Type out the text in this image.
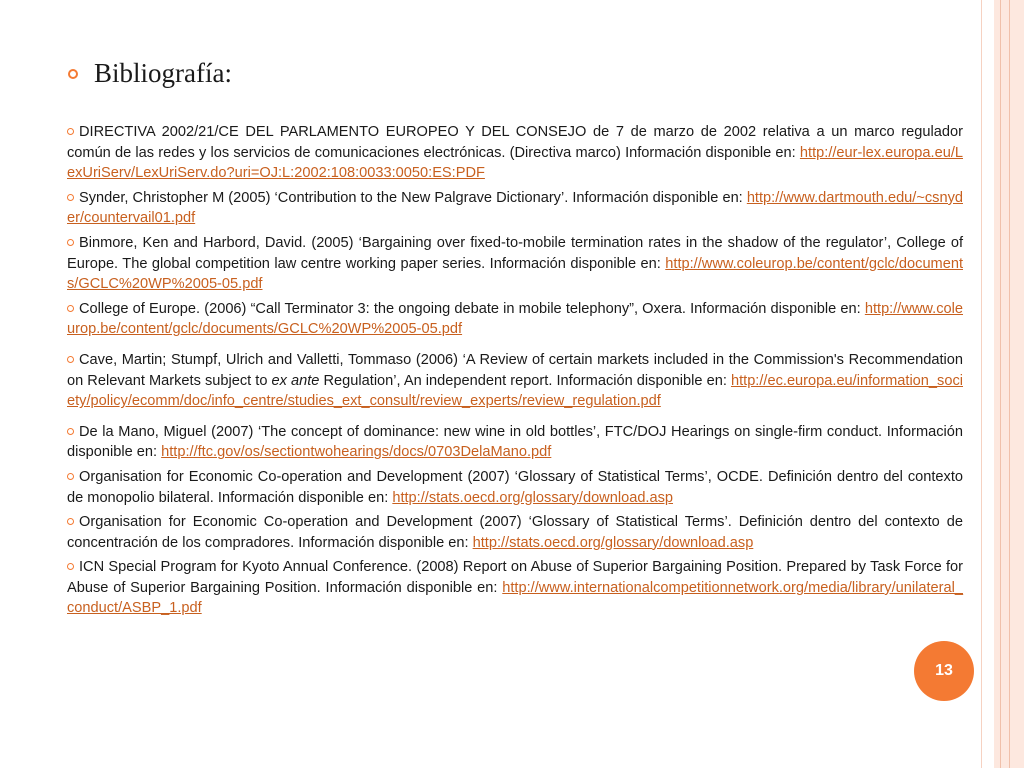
Bibliografía:
DIRECTIVA 2002/21/CE DEL PARLAMENTO EUROPEO Y DEL CONSEJO de 7 de marzo de 2002 relativa a un marco regulador común de las redes y los servicios de comunicaciones electrónicas. (Directiva marco) Información disponible en: http://eur-lex.europa.eu/LexUriServ/LexUriServ.do?uri=OJ:L:2002:108:0033:0050:ES:PDF
Synder, Christopher M (2005) ‘Contribution to the New Palgrave Dictionary’. Información disponible en: http://www.dartmouth.edu/~csnyder/countervail01.pdf
Binmore, Ken and Harbord, David. (2005) ‘Bargaining over fixed-to-mobile termination rates in the shadow of the regulator’, College of Europe. The global competition law centre working paper series. Información disponible en: http://www.coleurop.be/content/gclc/documents/GCLC%20WP%2005-05.pdf
College of Europe. (2006) “Call Terminator 3: the ongoing debate in mobile telephony”, Oxera. Información disponible en: http://www.coleurop.be/content/gclc/documents/GCLC%20WP%2005-05.pdf
Cave, Martin; Stumpf, Ulrich and Valletti, Tommaso (2006) ‘A Review of certain markets included in the Commission's Recommendation on Relevant Markets subject to ex ante Regulation’, An independent report. Información disponible en: http://ec.europa.eu/information_society/policy/ecomm/doc/info_centre/studies_ext_consult/review_experts/review_regulation.pdf
De la Mano, Miguel (2007) ‘The concept of dominance: new wine in old bottles’, FTC/DOJ Hearings on single-firm conduct. Información disponible en: http://ftc.gov/os/sectiontwohearings/docs/0703DelaMano.pdf
Organisation for Economic Co-operation and Development (2007) ‘Glossary of Statistical Terms’, OCDE. Definición dentro del contexto de monopolio bilateral. Información disponible en: http://stats.oecd.org/glossary/download.asp
Organisation for Economic Co-operation and Development (2007) ‘Glossary of Statistical Terms’. Definición dentro del contexto de concentración de los compradores. Información disponible en: http://stats.oecd.org/glossary/download.asp
ICN Special Program for Kyoto Annual Conference. (2008) Report on Abuse of Superior Bargaining Position. Prepared by Task Force for Abuse of Superior Bargaining Position. Información disponible en: http://www.internationalcompetitionnetwork.org/media/library/unilateral_conduct/ASBP_1.pdf
13
